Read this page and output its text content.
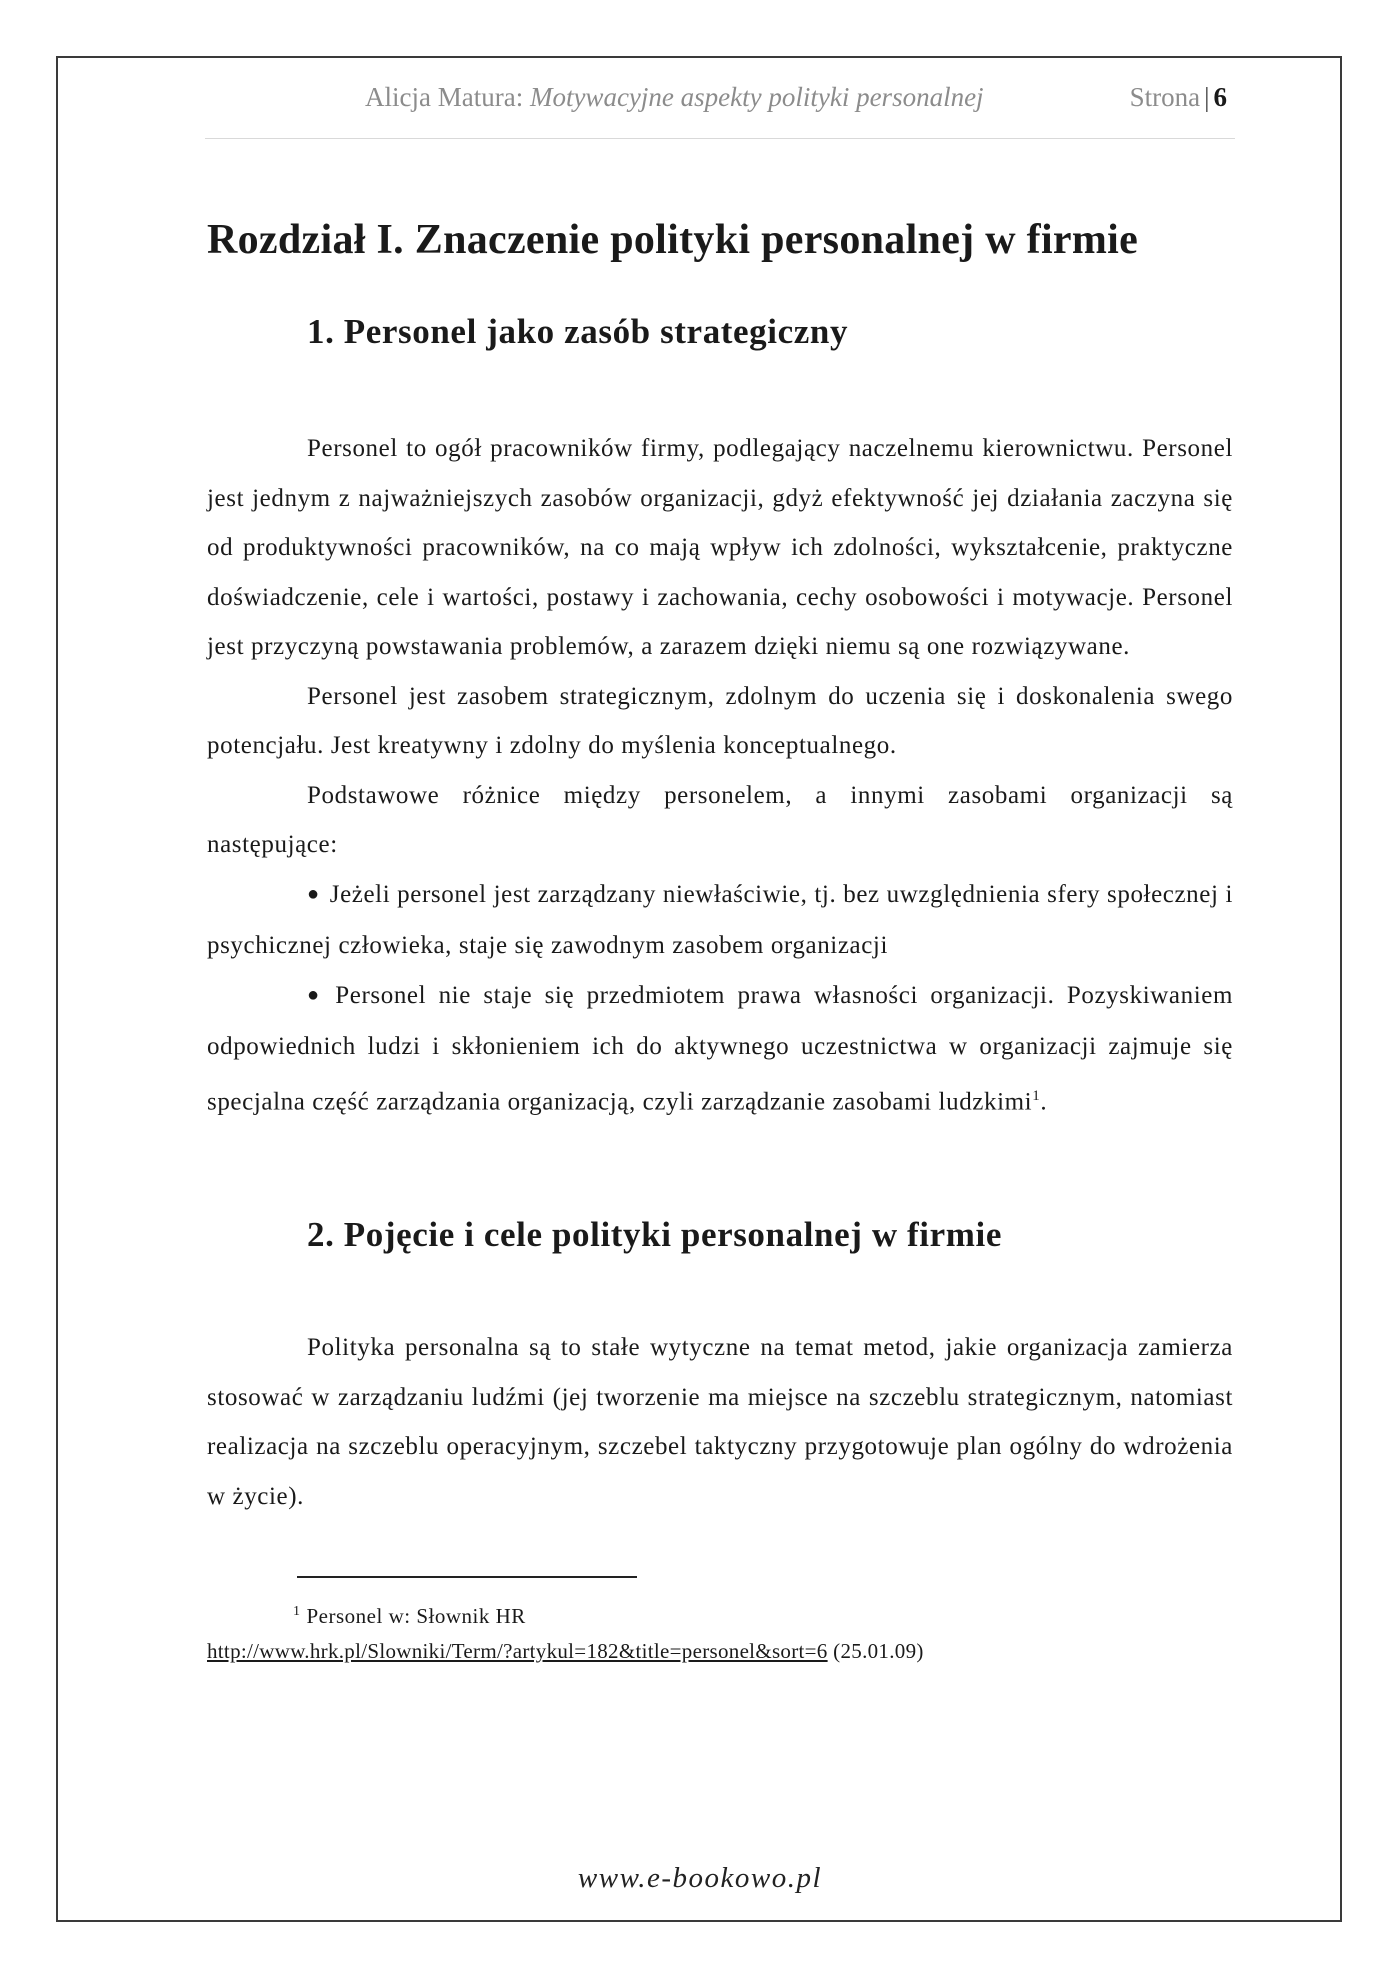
Alicja Matura: Motywacyjne aspekty polityki personalnej	Strona | 6
Rozdział I. Znaczenie polityki personalnej w firmie
1. Personel jako zasób strategiczny

Personel to ogół pracowników firmy, podlegający naczelnemu kierownictwu. Personel jest jednym z najważniejszych zasobów organizacji, gdyż efektywność jej działania zaczyna się od produktywności pracowników, na co mają wpływ ich zdolności, wykształcenie, praktyczne doświadczenie, cele i wartości, postawy i zachowania, cechy osobowości i motywacje. Personel jest przyczyną powstawania problemów, a zarazem dzięki niemu są one rozwiązywane.

Personel jest zasobem strategicznym, zdolnym do uczenia się i doskonalenia swego potencjału. Jest kreatywny i zdolny do myślenia konceptualnego.

Podstawowe różnice między personelem, a innymi zasobami organizacji są następujące:

● Jeżeli personel jest zarządzany niewłaściwie, tj. bez uwzględnienia sfery społecznej i psychicznej człowieka, staje się zawodnym zasobem organizacji

● Personel nie staje się przedmiotem prawa własności organizacji. Pozyskiwaniem odpowiednich ludzi i skłonieniem ich do aktywnego uczestnictwa w organizacji zajmuje się specjalna część zarządzania organizacją, czyli zarządzanie zasobami ludzkimi$^1$.

2. Pojęcie i cele polityki personalnej w firmie

Polityka personalna są to stałe wytyczne na temat metod, jakie organizacja zamierza stosować w zarządzaniu ludźmi (jej tworzenie ma miejsce na szczeblu strategicznym, natomiast realizacja na szczeblu operacyjnym, szczebel taktyczny przygotowuje plan ogólny do wdrożenia w życie).

$^1$ Personel w: Słownik HR
http://www.hrk.pl/Slowniki/Term/?artykul=182&title=personel&sort=6 (25.01.09)
www.e-bookowo.pl
